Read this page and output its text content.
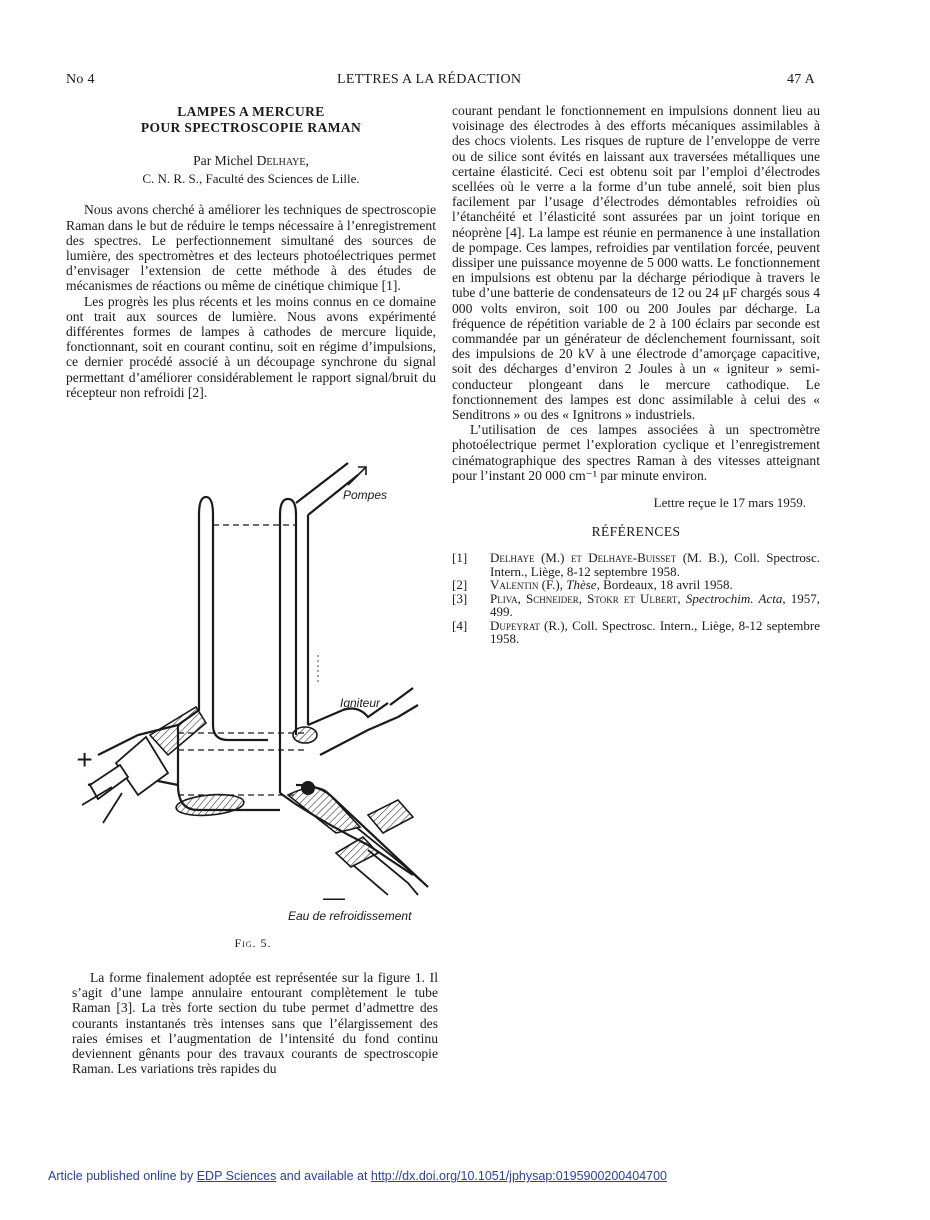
No 4	LETTRES A LA RÉDACTION	47 A
LAMPES A MERCURE
POUR SPECTROSCOPIE RAMAN
Par Michel Delhaye,
C. N. R. S., Faculté des Sciences de Lille.

Nous avons cherché à améliorer les techniques de spectroscopie Raman dans le but de réduire le temps nécessaire à l’enregistrement des spectres. Le perfectionnement simultané des sources de lumière, des spectromètres et des lecteurs photoélectriques permet d’envisager l’extension de cette méthode à des études de mécanismes de réactions ou même de cinétique chimique [1].

Les progrès les plus récents et les moins connus en ce domaine ont trait aux sources de lumière. Nous avons expérimenté différentes formes de lampes à cathodes de mercure liquide, fonctionnant, soit en courant continu, soit en régime d’impulsions, ce dernier procédé associé à un découpage synchrone du signal permettant d’améliorer considérablement le rapport signal/bruit du récepteur non refroidi [2].

Pompes
Igniteur
Eau de refroidissement
+
—
Fig. 5.

La forme finalement adoptée est représentée sur la figure 1. Il s’agit d’une lampe annulaire entourant complètement le tube Raman [3]. La très forte section du tube permet d’admettre des courants instantanés très intenses sans que l’élargissement des raies émises et l’augmentation de l’intensité du fond continu deviennent gênants pour des travaux courants de spectroscopie Raman. Les variations très rapides du

courant pendant le fonctionnement en impulsions donnent lieu au voisinage des électrodes à des efforts mécaniques assimilables à des chocs violents. Les risques de rupture de l’enveloppe de verre ou de silice sont évités en laissant aux traversées métalliques une certaine élasticité. Ceci est obtenu soit par l’emploi d’électrodes scellées où le verre a la forme d’un tube annelé, soit bien plus facilement par l’usage d’électrodes démontables refroidies où l’étanchéité et l’élasticité sont assurées par un joint torique en néoprène [4]. La lampe est réunie en permanence à une installation de pompage. Ces lampes, refroidies par ventilation forcée, peuvent dissiper une puissance moyenne de 5 000 watts. Le fonctionnement en impulsions est obtenu par la décharge périodique à travers le tube d’une batterie de condensateurs de 12 ou 24 μF chargés sous 4 000 volts environ, soit 100 ou 200 Joules par décharge. La fréquence de répétition variable de 2 à 100 éclairs par seconde est commandée par un générateur de déclenchement fournissant, soit des impulsions de 20 kV à une électrode d’amorçage capacitive, soit des décharges d’environ 2 Joules à un « igniteur » semi-conducteur plongeant dans le mercure cathodique. Le fonctionnement des lampes est donc assimilable à celui des « Senditrons » ou des « Ignitrons » industriels.

L’utilisation de ces lampes associées à un spectromètre photoélectrique permet l’exploration cyclique et l’enregistrement cinématographique des spectres Raman à des vitesses atteignant pour l’instant 20 000 cm⁻¹ par minute environ.

Lettre reçue le 17 mars 1959.
RÉFÉRENCES
[1] Delhaye (M.) et Delhaye-Buisset (M. B.), Coll. Spectrosc. Intern., Liège, 8-12 septembre 1958.
[2] Valentin (F.), Thèse, Bordeaux, 18 avril 1958.
[3] Pliva, Schneider, Stokr et Ulbert, Spectrochim. Acta, 1957, 499.
[4] Dupeyrat (R.), Coll. Spectrosc. Intern., Liège, 8-12 septembre 1958.
Article published online by EDP Sciences and available at http://dx.doi.org/10.1051/jphysap:0195900200404700
